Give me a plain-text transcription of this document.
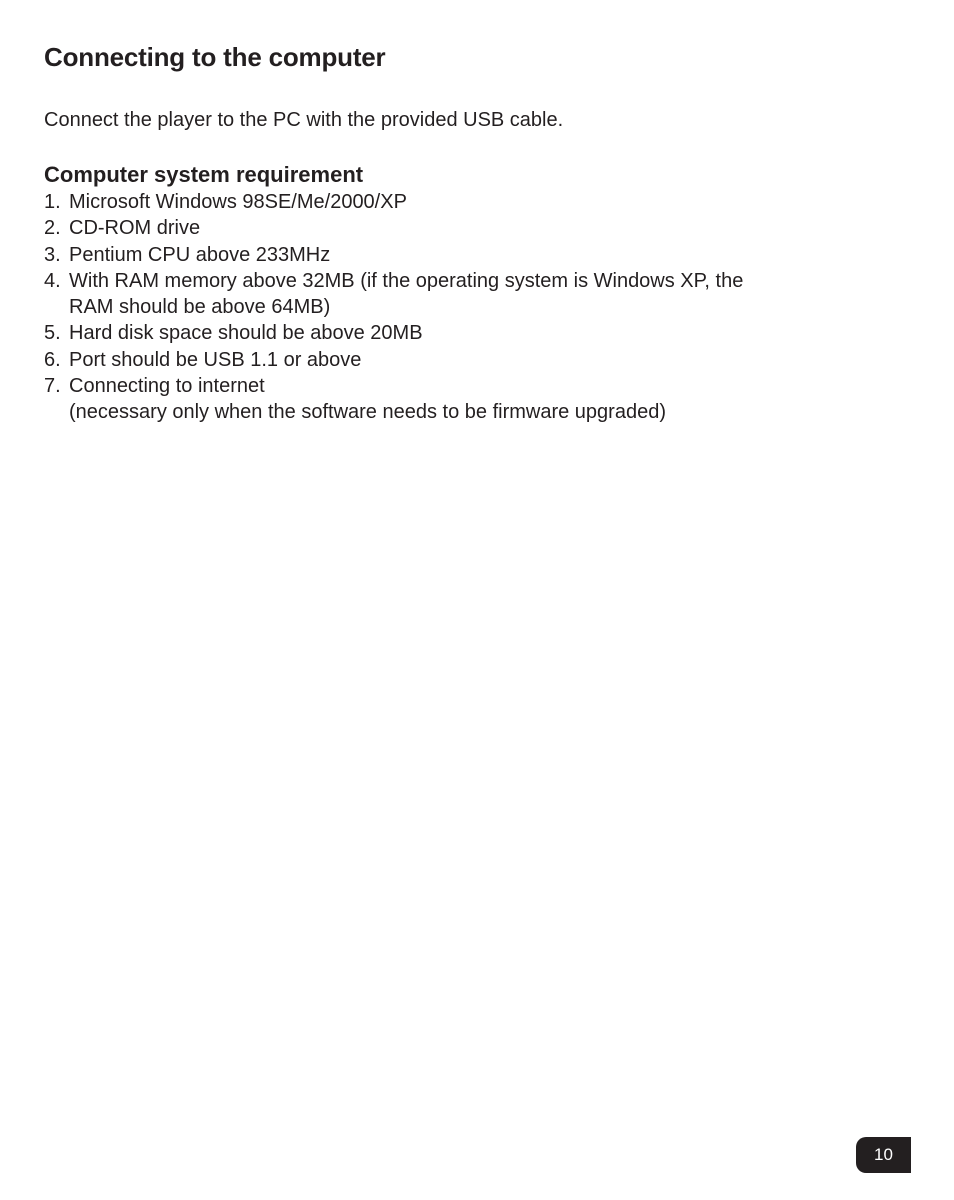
Connecting to the computer

Connect the player to the PC with the provided USB cable.

Computer system requirement
1. Microsoft Windows 98SE/Me/2000/XP
2. CD-ROM drive
3. Pentium CPU above 233MHz
4. With RAM memory above 32MB (if the operating system is Windows XP, the
RAM should be above 64MB)
5. Hard disk space should be above 20MB
6. Port should be USB 1.1 or above
7. Connecting to internet
(necessary only when the software needs to be firmware upgraded)
10
